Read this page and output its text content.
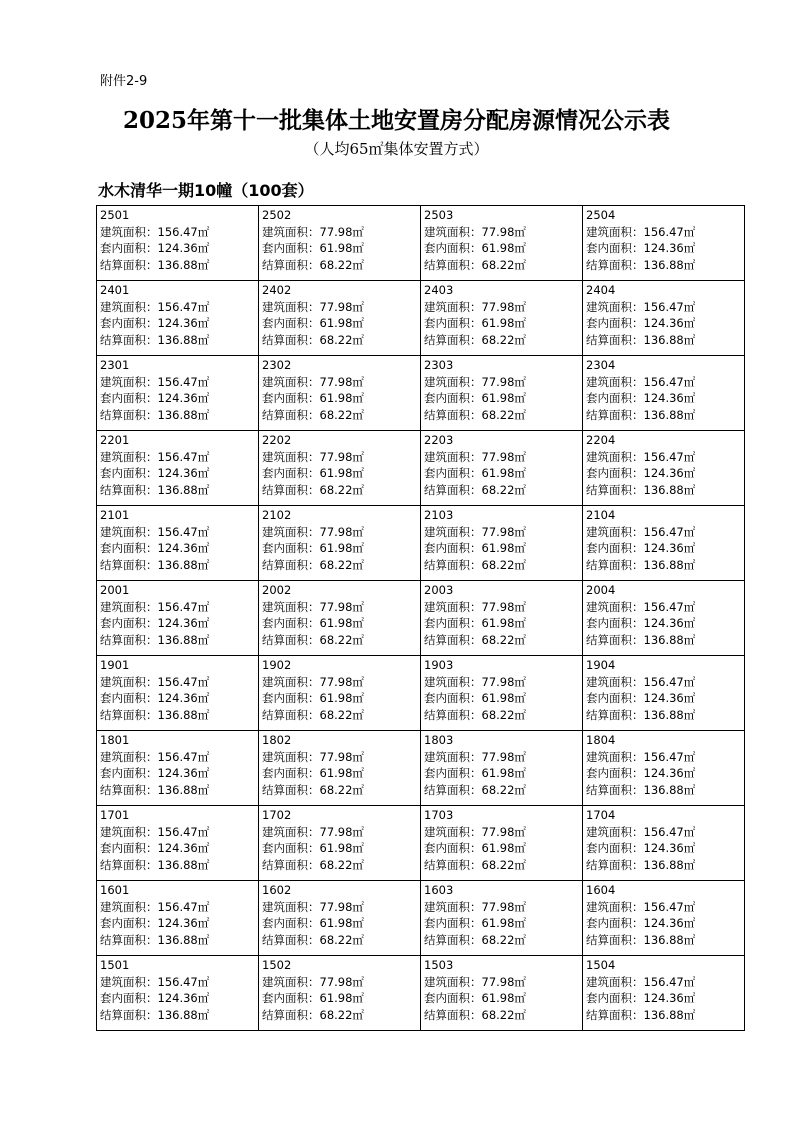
附件2-9
2025年第十一批集体土地安置房分配房源情况公示表
（人均65㎡集体安置方式）
水木清华一期10幢（100套）
2501
建筑面积：156.47㎡
套内面积：124.36㎡
结算面积：136.88㎡	2502
建筑面积：77.98㎡
套内面积：61.98㎡
结算面积：68.22㎡	2503
建筑面积：77.98㎡
套内面积：61.98㎡
结算面积：68.22㎡	2504
建筑面积：156.47㎡
套内面积：124.36㎡
结算面积：136.88㎡

2401
建筑面积：156.47㎡
套内面积：124.36㎡
结算面积：136.88㎡	2402
建筑面积：77.98㎡
套内面积：61.98㎡
结算面积：68.22㎡	2403
建筑面积：77.98㎡
套内面积：61.98㎡
结算面积：68.22㎡	2404
建筑面积：156.47㎡
套内面积：124.36㎡
结算面积：136.88㎡

2301
建筑面积：156.47㎡
套内面积：124.36㎡
结算面积：136.88㎡	2302
建筑面积：77.98㎡
套内面积：61.98㎡
结算面积：68.22㎡	2303
建筑面积：77.98㎡
套内面积：61.98㎡
结算面积：68.22㎡	2304
建筑面积：156.47㎡
套内面积：124.36㎡
结算面积：136.88㎡

2201
建筑面积：156.47㎡
套内面积：124.36㎡
结算面积：136.88㎡	2202
建筑面积：77.98㎡
套内面积：61.98㎡
结算面积：68.22㎡	2203
建筑面积：77.98㎡
套内面积：61.98㎡
结算面积：68.22㎡	2204
建筑面积：156.47㎡
套内面积：124.36㎡
结算面积：136.88㎡

2101
建筑面积：156.47㎡
套内面积：124.36㎡
结算面积：136.88㎡	2102
建筑面积：77.98㎡
套内面积：61.98㎡
结算面积：68.22㎡	2103
建筑面积：77.98㎡
套内面积：61.98㎡
结算面积：68.22㎡	2104
建筑面积：156.47㎡
套内面积：124.36㎡
结算面积：136.88㎡

2001
建筑面积：156.47㎡
套内面积：124.36㎡
结算面积：136.88㎡	2002
建筑面积：77.98㎡
套内面积：61.98㎡
结算面积：68.22㎡	2003
建筑面积：77.98㎡
套内面积：61.98㎡
结算面积：68.22㎡	2004
建筑面积：156.47㎡
套内面积：124.36㎡
结算面积：136.88㎡

1901
建筑面积：156.47㎡
套内面积：124.36㎡
结算面积：136.88㎡	1902
建筑面积：77.98㎡
套内面积：61.98㎡
结算面积：68.22㎡	1903
建筑面积：77.98㎡
套内面积：61.98㎡
结算面积：68.22㎡	1904
建筑面积：156.47㎡
套内面积：124.36㎡
结算面积：136.88㎡

1801
建筑面积：156.47㎡
套内面积：124.36㎡
结算面积：136.88㎡	1802
建筑面积：77.98㎡
套内面积：61.98㎡
结算面积：68.22㎡	1803
建筑面积：77.98㎡
套内面积：61.98㎡
结算面积：68.22㎡	1804
建筑面积：156.47㎡
套内面积：124.36㎡
结算面积：136.88㎡

1701
建筑面积：156.47㎡
套内面积：124.36㎡
结算面积：136.88㎡	1702
建筑面积：77.98㎡
套内面积：61.98㎡
结算面积：68.22㎡	1703
建筑面积：77.98㎡
套内面积：61.98㎡
结算面积：68.22㎡	1704
建筑面积：156.47㎡
套内面积：124.36㎡
结算面积：136.88㎡

1601
建筑面积：156.47㎡
套内面积：124.36㎡
结算面积：136.88㎡	1602
建筑面积：77.98㎡
套内面积：61.98㎡
结算面积：68.22㎡	1603
建筑面积：77.98㎡
套内面积：61.98㎡
结算面积：68.22㎡	1604
建筑面积：156.47㎡
套内面积：124.36㎡
结算面积：136.88㎡

1501
建筑面积：156.47㎡
套内面积：124.36㎡
结算面积：136.88㎡	1502
建筑面积：77.98㎡
套内面积：61.98㎡
结算面积：68.22㎡	1503
建筑面积：77.98㎡
套内面积：61.98㎡
结算面积：68.22㎡	1504
建筑面积：156.47㎡
套内面积：124.36㎡
结算面积：136.88㎡
